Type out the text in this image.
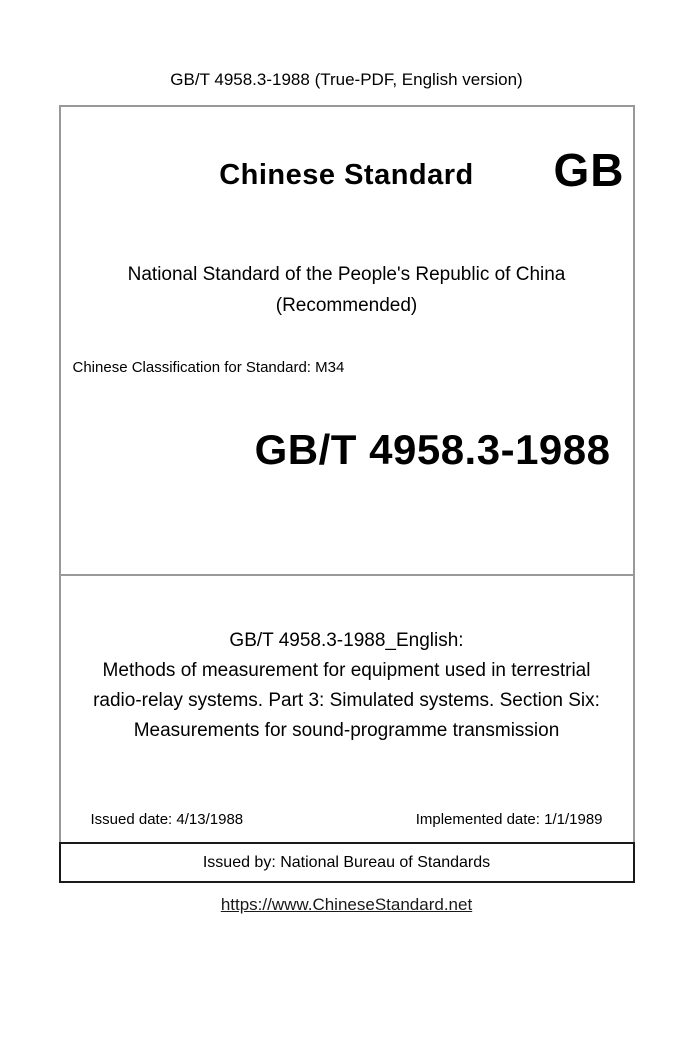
GB/T 4958.3-1988 (True-PDF, English version)
Chinese Standard	GB
National Standard of the People's Republic of China
(Recommended)
Chinese Classification for Standard: M34
GB/T 4958.3-1988
GB/T 4958.3-1988_English:
Methods of measurement for equipment used in terrestrial
radio-relay systems. Part 3: Simulated systems. Section Six:
Measurements for sound-programme transmission
Issued date: 4/13/1988	Implemented date: 1/1/1989
Issued by: National Bureau of Standards
https://www.ChineseStandard.net
